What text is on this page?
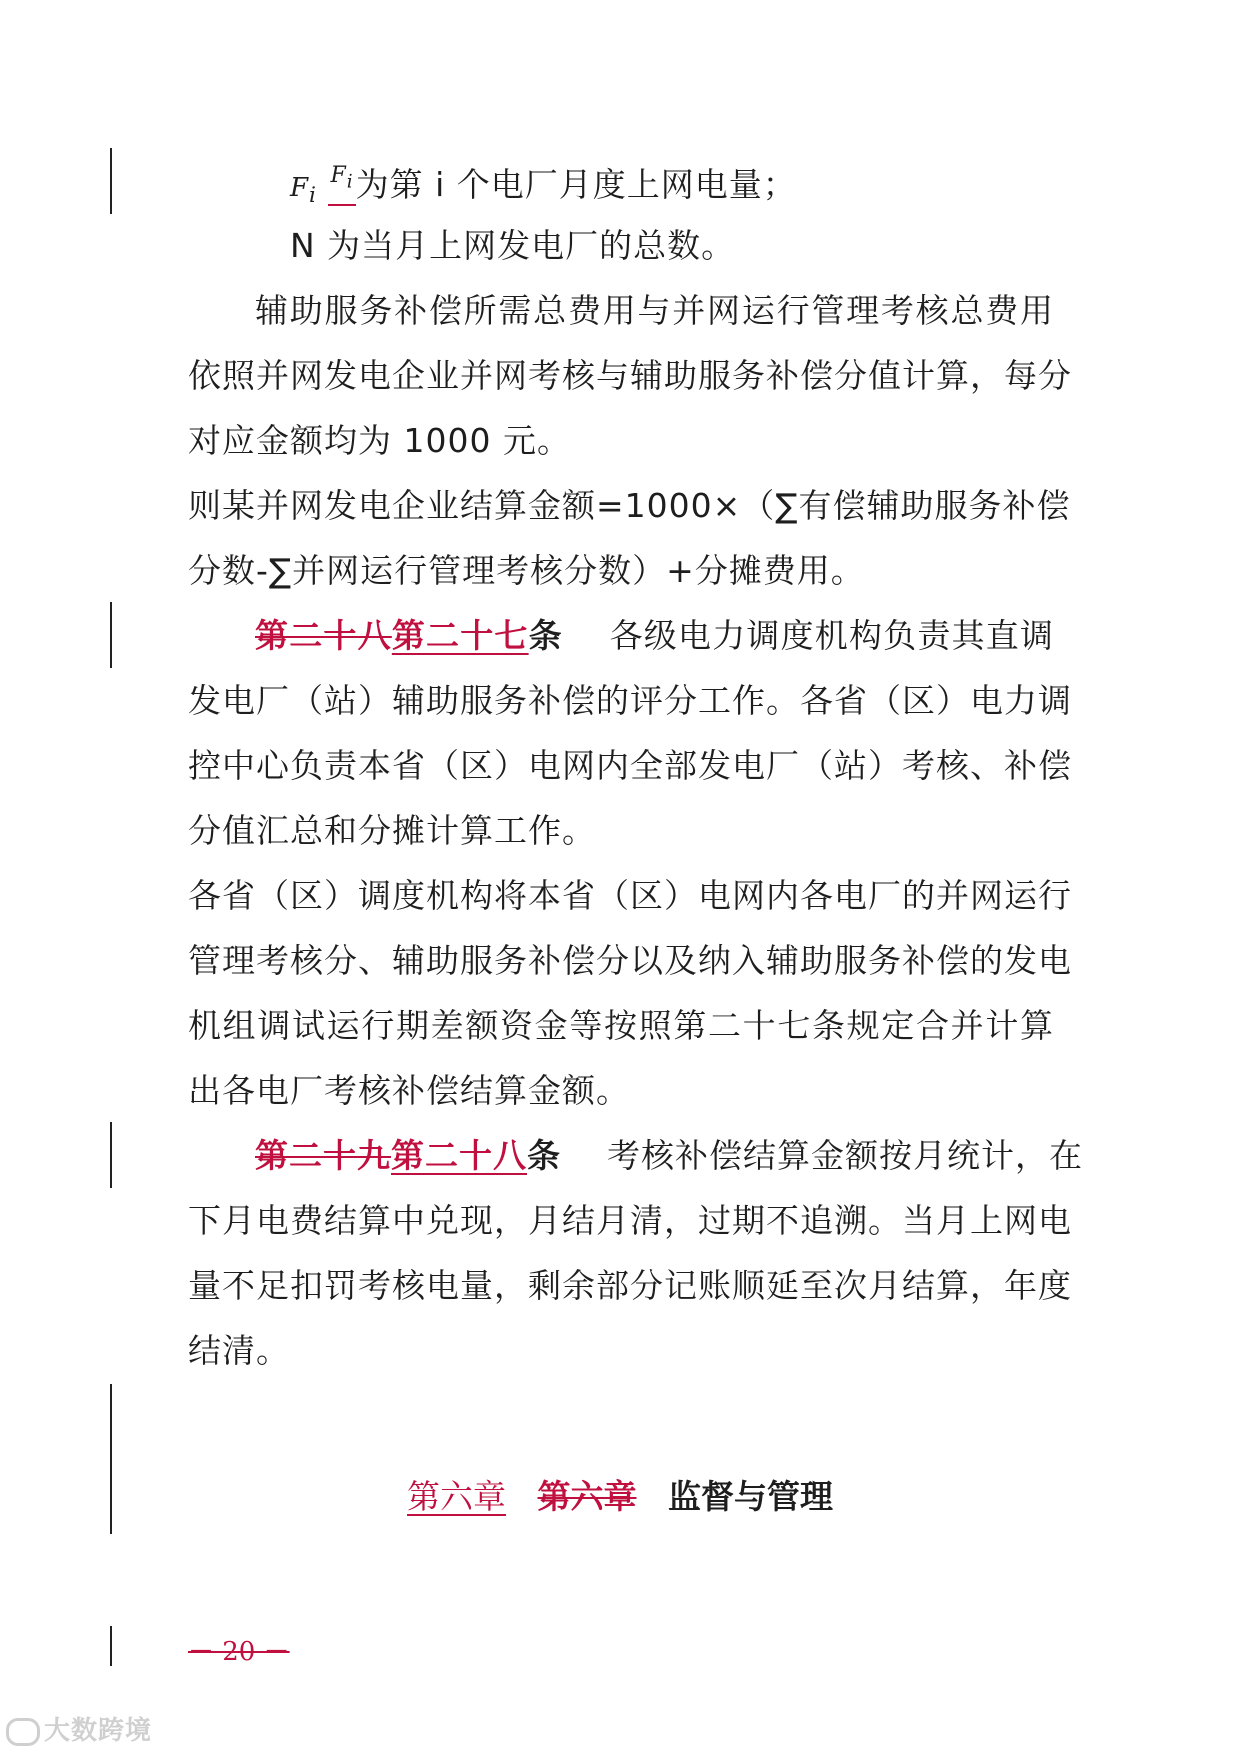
$F_i$ $^{F_i}$为第 i 个电厂月度上网电量；
N 为当月上网发电厂的总数。
辅助服务补偿所需总费用与并网运行管理考核总费用
依照并网发电企业并网考核与辅助服务补偿分值计算，每分
对应金额均为 1000 元。
则某并网发电企业结算金额=1000×（∑有偿辅助服务补偿
分数-∑并网运行管理考核分数）+分摊费用。
第二十八第二十七条 各级电力调度机构负责其直调
发电厂（站）辅助服务补偿的评分工作。各省（区）电力调
控中心负责本省（区）电网内全部发电厂（站）考核、补偿
分值汇总和分摊计算工作。
各省（区）调度机构将本省（区）电网内各电厂的并网运行
管理考核分、辅助服务补偿分以及纳入辅助服务补偿的发电
机组调试运行期差额资金等按照第二十七条规定合并计算
出各电厂考核补偿结算金额。
第二十九第二十八条 考核补偿结算金额按月统计，在
下月电费结算中兑现，月结月清，过期不追溯。当月上网电
量不足扣罚考核电量，剩余部分记账顺延至次月结算，年度
结清。
第六章 第六章 监督与管理
－ 20 －
大数跨境
